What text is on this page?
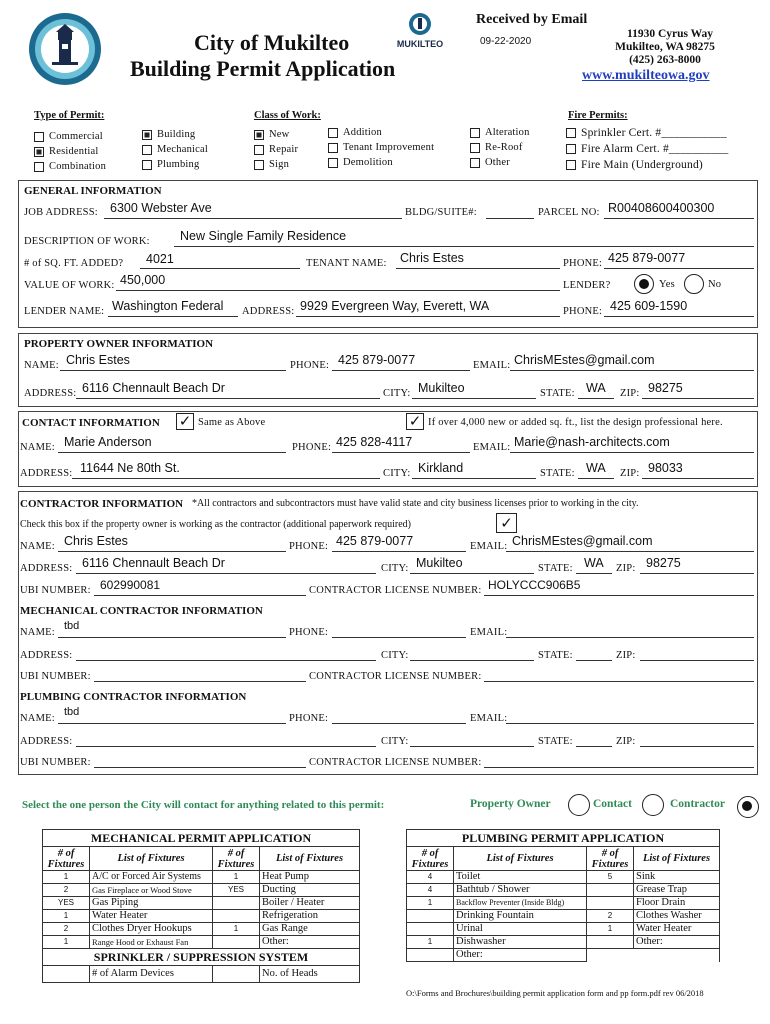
City of Mukilteo
Building Permit Application
MUKILTEO
Received by Email
09-22-2020
11930 Cyrus Way
Mukilteo, WA 98275
(425) 263-8000
www.mukilteowa.gov
Type of Permit:
Commercial
Residential
Combination
Building
Mechanical
Plumbing
Class of Work:
New
Repair
Sign
Addition
Tenant Improvement
Demolition
Alteration
Re-Roof
Other
Fire Permits:
Sprinkler Cert. #___________
Fire Alarm Cert. #__________
Fire Main (Underground)
GENERAL INFORMATION
JOB ADDRESS: 6300 Webster Ave	BLDG/SUITE#:	PARCEL NO: R00408600400300
DESCRIPTION OF WORK: New Single Family Residence
# of SQ. FT. ADDED? 4021	TENANT NAME: Chris Estes	PHONE: 425 879-0077
VALUE OF WORK: 450,000	LENDER?	Yes	No
LENDER NAME: Washington Federal ADDRESS: 9929 Evergreen Way, Everett, WA	PHONE: 425 609-1590
PROPERTY OWNER INFORMATION
NAME: Chris Estes	PHONE: 425 879-0077	EMAIL: ChrisMEstes@gmail.com
ADDRESS: 6116 Chennault Beach Dr	CITY: Mukilteo	STATE: WA ZIP: 98275
CONTACT INFORMATION ✓ Same as Above	✓ If over 4,000 new or added sq. ft., list the design professional here.
NAME: Marie Anderson	PHONE: 425 828-4117	EMAIL: Marie@nash-architects.com
ADDRESS: 11644 Ne 80th St.	CITY: Kirkland	STATE: WA ZIP: 98033
CONTRACTOR INFORMATION *All contractors and subcontractors must have valid state and city business licenses prior to working in the city.
Check this box if the property owner is working as the contractor (additional paperwork required)	✓
NAME: Chris Estes	PHONE: 425 879-0077	EMAIL: ChrisMEstes@gmail.com
ADDRESS: 6116 Chennault Beach Dr	CITY: Mukilteo	STATE: WA ZIP: 98275
UBI NUMBER: 602990081	CONTRACTOR LICENSE NUMBER: HOLYCCC906B5
MECHANICAL CONTRACTOR INFORMATION
NAME:
tbd
PHONE:	EMAIL:
ADDRESS:	CITY:	STATE:	ZIP:
UBI NUMBER:	CONTRACTOR LICENSE NUMBER:
PLUMBING CONTRACTOR INFORMATION
NAME:
tbd
PHONE:	EMAIL:
ADDRESS:	CITY:	STATE:	ZIP:
UBI NUMBER:	CONTRACTOR LICENSE NUMBER:
Select the one person the City will contact for anything related to this permit:	Property Owner	Contact	Contractor
MECHANICAL PERMIT APPLICATION			
# of Fixtures	List of Fixtures	# of Fixtures	List of Fixtures
1	A/C or Forced Air Systems	1	Heat Pump
2	Gas Fireplace or Wood Stove	YES	Ducting
YES	Gas Piping		Boiler / Heater
1	Water Heater		Refrigeration
2	Clothes Dryer Hookups	1	Gas Range
1	Range Hood or Exhaust Fan		Other:
SPRINKLER / SUPPRESSION SYSTEM			
	# of Alarm Devices		No. of Heads
PLUMBING PERMIT APPLICATION			
# of Fixtures	List of Fixtures	# of Fixtures	List of Fixtures
4	Toilet	5	Sink
4	Bathtub / Shower		Grease Trap
1	Backflow Preventer (Inside Bldg)		Floor Drain
	Drinking Fountain	2	Clothes Washer
	Urinal	1	Water Heater
1	Dishwasher		Other:
	Other:		
O:\Forms and Brochures\building permit application form and pp form.pdf rev 06/2018
